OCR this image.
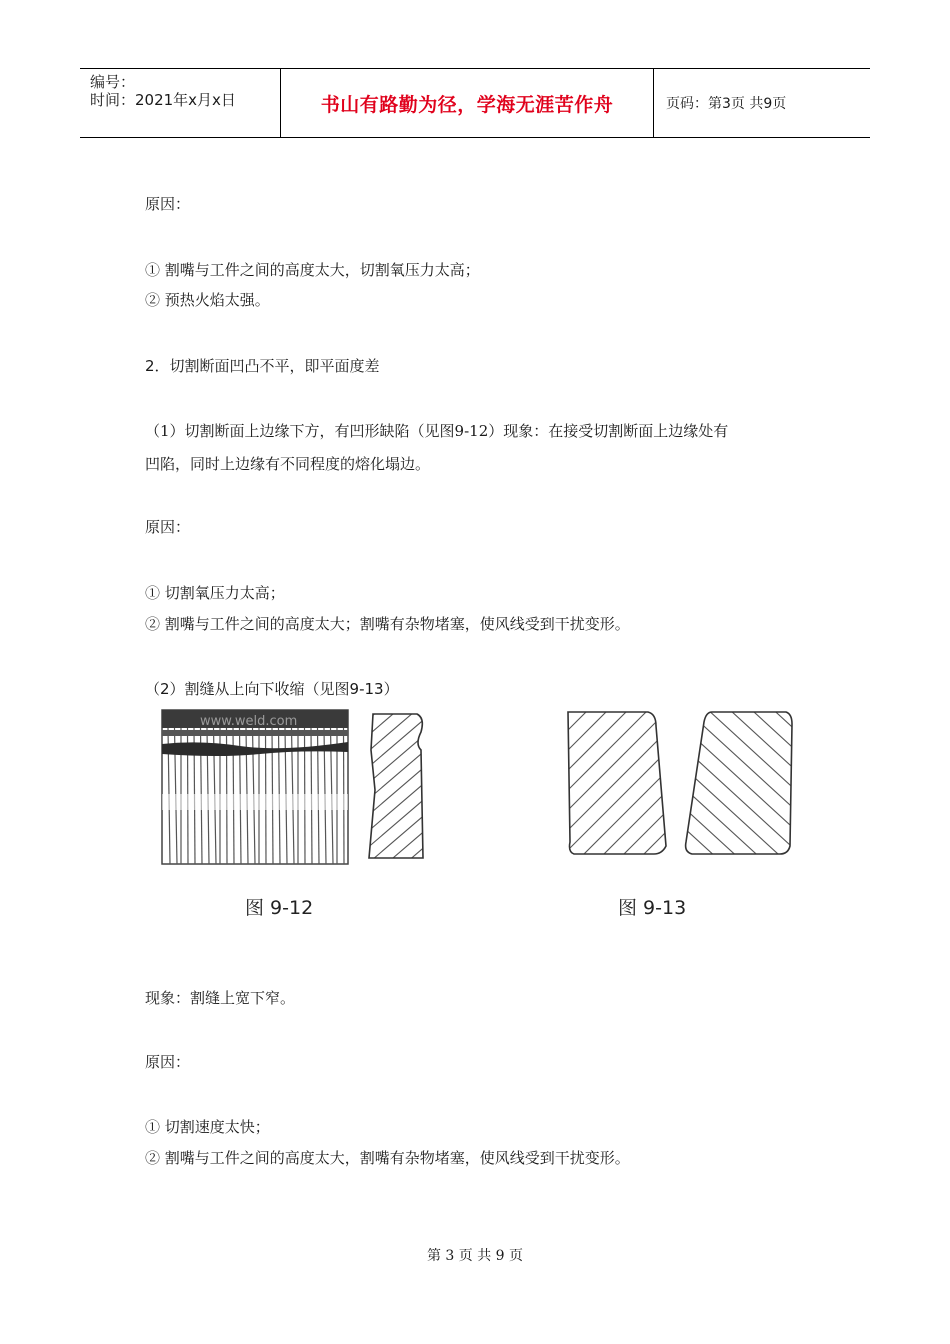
编号：
时间：2021年x月x日	书山有路勤为径，学海无涯苦作舟	页码：第3页 共9页
原因：
① 割嘴与工件之间的高度太大，切割氧压力太高；
② 预热火焰太强。
2．切割断面凹凸不平，即平面度差
（1）切割断面上边缘下方，有凹形缺陷（见图9-12）现象：在接受切割断面上边缘处有
凹陷，同时上边缘有不同程度的熔化塌边。
原因：
① 切割氧压力太高；
② 割嘴与工件之间的高度太大；割嘴有杂物堵塞，使风线受到干扰变形。
（2）割缝从上向下收缩（见图9-13）
www.weld.com
图 9-12	图 9-13
现象：割缝上宽下窄。
原因：
① 切割速度太快；
② 割嘴与工件之间的高度太大，割嘴有杂物堵塞，使风线受到干扰变形。
第 3 页 共 9 页
